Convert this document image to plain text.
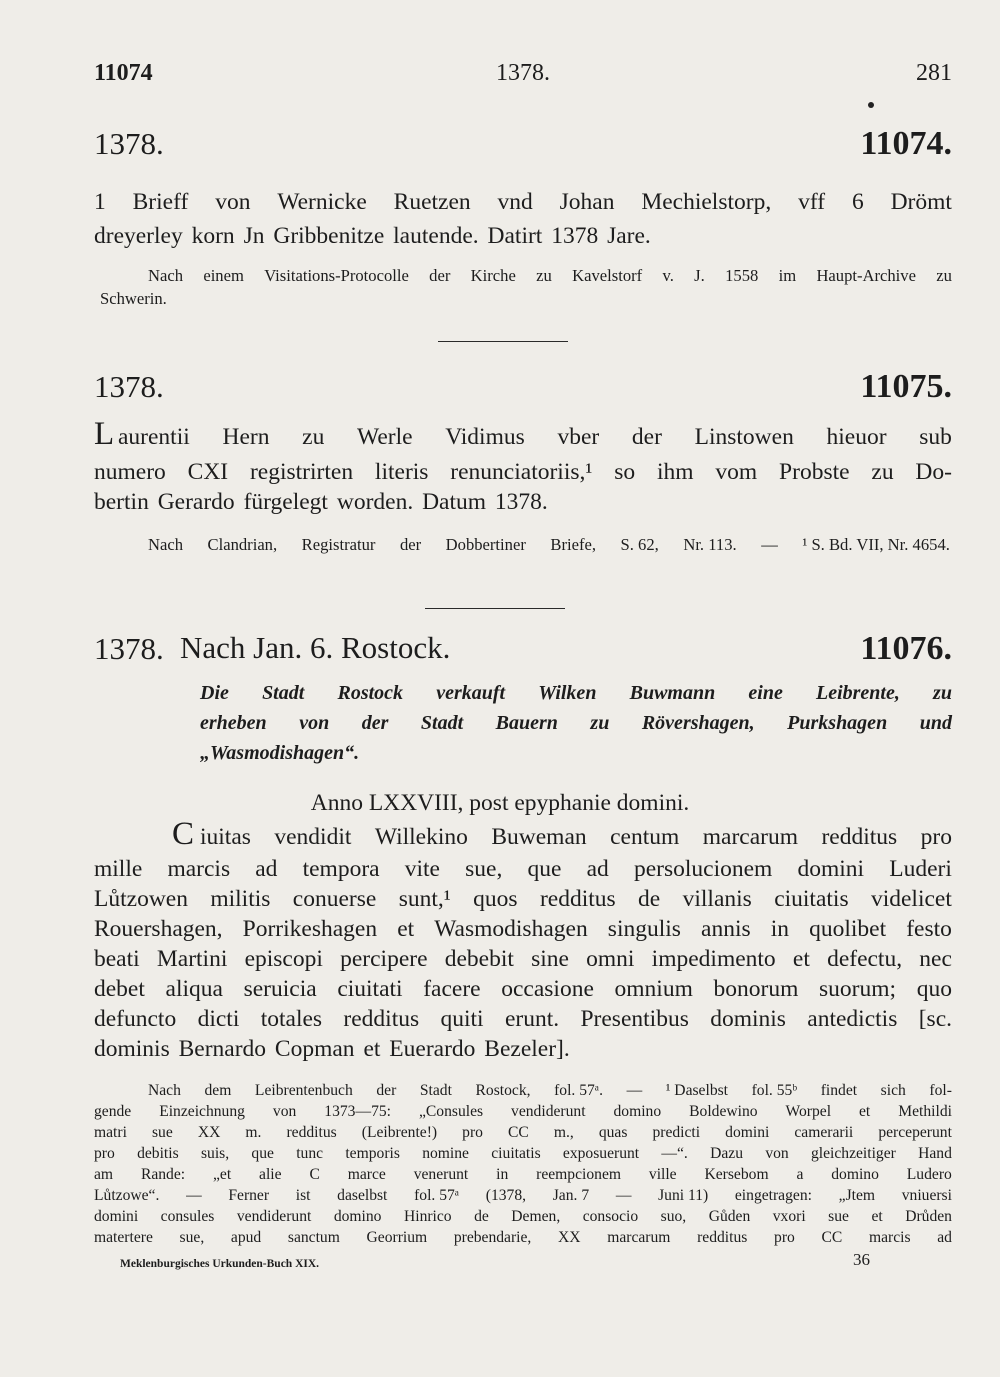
11074	1378.	281
1378.	11074.
1 Brieff von Wernicke Ruetzen vnd Johan Mechielstorp, vff 6 Drömt
dreyerley korn Jn Gribbenitze lautende. Datirt 1378 Jare.
Nach einem Visitations-Protocolle der Kirche zu Kavelstorf v. J. 1558 im Haupt-Archive zu
Schwerin.
1378.	11075.
L aurentii Hern zu Werle Vidimus vber der Linstowen hieuor sub
numero CXI registrirten literis renunciatoriis,¹ so ihm vom Probste zu Do-
bertin Gerardo fürgelegt worden. Datum 1378.
Nach Clandrian, Registratur der Dobbertiner Briefe, S. 62, Nr. 113. — ¹ S. Bd. VII, Nr. 4654.
1378. Nach Jan. 6. Rostock.	11076.
Die Stadt Rostock verkauft Wilken Buwmann eine Leibrente, zu
erheben von der Stadt Bauern zu Rövershagen, Purkshagen und
„Wasmodishagen“.
Anno LXXVIII, post epyphanie domini.
C iuitas vendidit Willekino Buweman centum marcarum redditus pro
mille marcis ad tempora vite sue, que ad persolucionem domini Luderi
Lůtzowen militis conuerse sunt,¹ quos redditus de villanis ciuitatis videlicet
Rouershagen, Porrikeshagen et Wasmodishagen singulis annis in quolibet festo
beati Martini episcopi percipere debebit sine omni impedimento et defectu, nec
debet aliqua seruicia ciuitati facere occasione omnium bonorum suorum; quo
defuncto dicti totales redditus quiti erunt. Presentibus dominis antedictis [sc.
dominis Bernardo Copman et Euerardo Bezeler].
Nach dem Leibrentenbuch der Stadt Rostock, fol. 57ᵃ. — ¹ Daselbst fol. 55ᵇ findet sich fol-
gende Einzeichnung von 1373—75: „Consules vendiderunt domino Boldewino Worpel et Methildi
matri sue XX m. redditus (Leibrente!) pro CC m., quas predicti domini camerarii perceperunt
pro debitis suis, que tunc temporis nomine ciuitatis exposuerunt —“. Dazu von gleichzeitiger Hand
am Rande: „et alie C marce venerunt in reempcionem ville Kersebom a domino Ludero
Lůtzowe“. — Ferner ist daselbst fol. 57ᵃ (1378, Jan. 7 — Juni 11) eingetragen: „Jtem vniuersi
domini consules vendiderunt domino Hinrico de Demen, consocio suo, Gůden vxori sue et Drůden
matertere sue, apud sanctum Georrium prebendarie, XX marcarum redditus pro CC marcis ad
Meklenburgisches Urkunden-Buch XIX.	36
